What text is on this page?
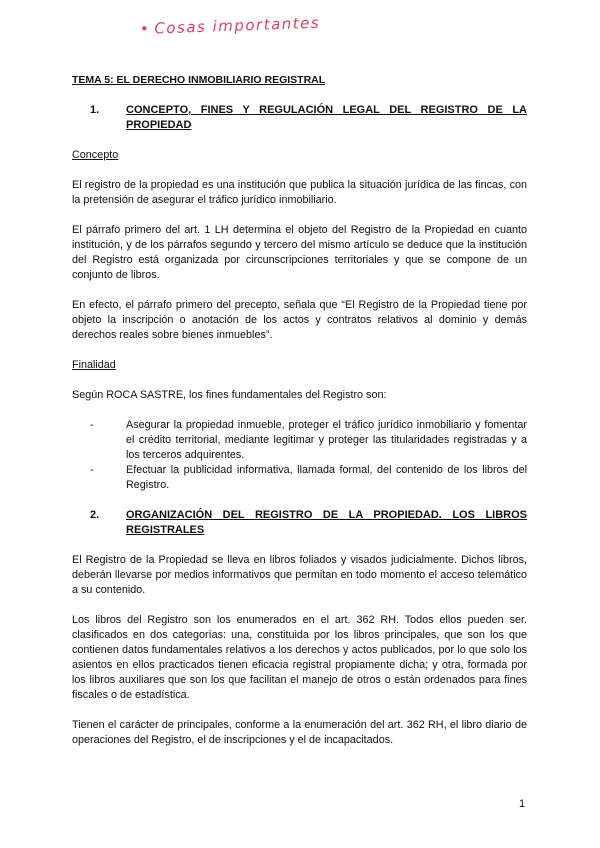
• Cosas importantes
TEMA 5: EL DERECHO INMOBILIARIO REGISTRAL
1.	CONCEPTO, FINES Y REGULACIÓN LEGAL DEL REGISTRO DE LA PROPIEDAD
Concepto

El registro de la propiedad es una institución que publica la situación jurídica de las fincas, con la pretensión de asegurar el tráfico jurídico inmobiliario.

El párrafo primero del art. 1 LH determina el objeto del Registro de la Propiedad en cuanto institución, y de los párrafos segundo y tercero del mismo artículo se deduce que la institución del Registro está organizada por circunscripciones territoriales y que se compone de un conjunto de libros.

En efecto, el párrafo primero del precepto, señala que “El Registro de la Propiedad tiene por objeto la inscripción o anotación de los actos y contratos relativos al dominio y demás derechos reales sobre bienes inmuebles”.

Finalidad

Según ROCA SASTRE, los fines fundamentales del Registro son:

-	Asegurar la propiedad inmueble, proteger el tráfico jurídico inmobiliario y fomentar el crédito territorial, mediante legitimar y proteger las titularidades registradas y a los terceros adquirentes.
-	Efectuar la publicidad informativa, llamada formal, del contenido de los libros del Registro.
2.	ORGANIZACIÓN DEL REGISTRO DE LA PROPIEDAD. LOS LIBROS REGISTRALES

El Registro de la Propiedad se lleva en libros foliados y visados judicialmente. Dichos libros, deberán llevarse por medios informativos que permitan en todo momento el acceso telemático a su contenido.

Los libros del Registro son los enumerados en el art. 362 RH. Todos ellos pueden ser. clasificados en dos categorías: una, constituida por los libros principales, que son los que contienen datos fundamentales relativos a los derechos y actos publicados, por lo que solo los asientos en ellos practicados tienen eficacia registral propiamente dicha; y otra, formada por los libros auxiliares que son los que facilitan el manejo de otros o están ordenados para fines fiscales o de estadística.

Tienen el carácter de principales, conforme a la enumeración del art. 362 RH, el libro diario de operaciones del Registro, el de inscripciones y el de incapacitados.

1
